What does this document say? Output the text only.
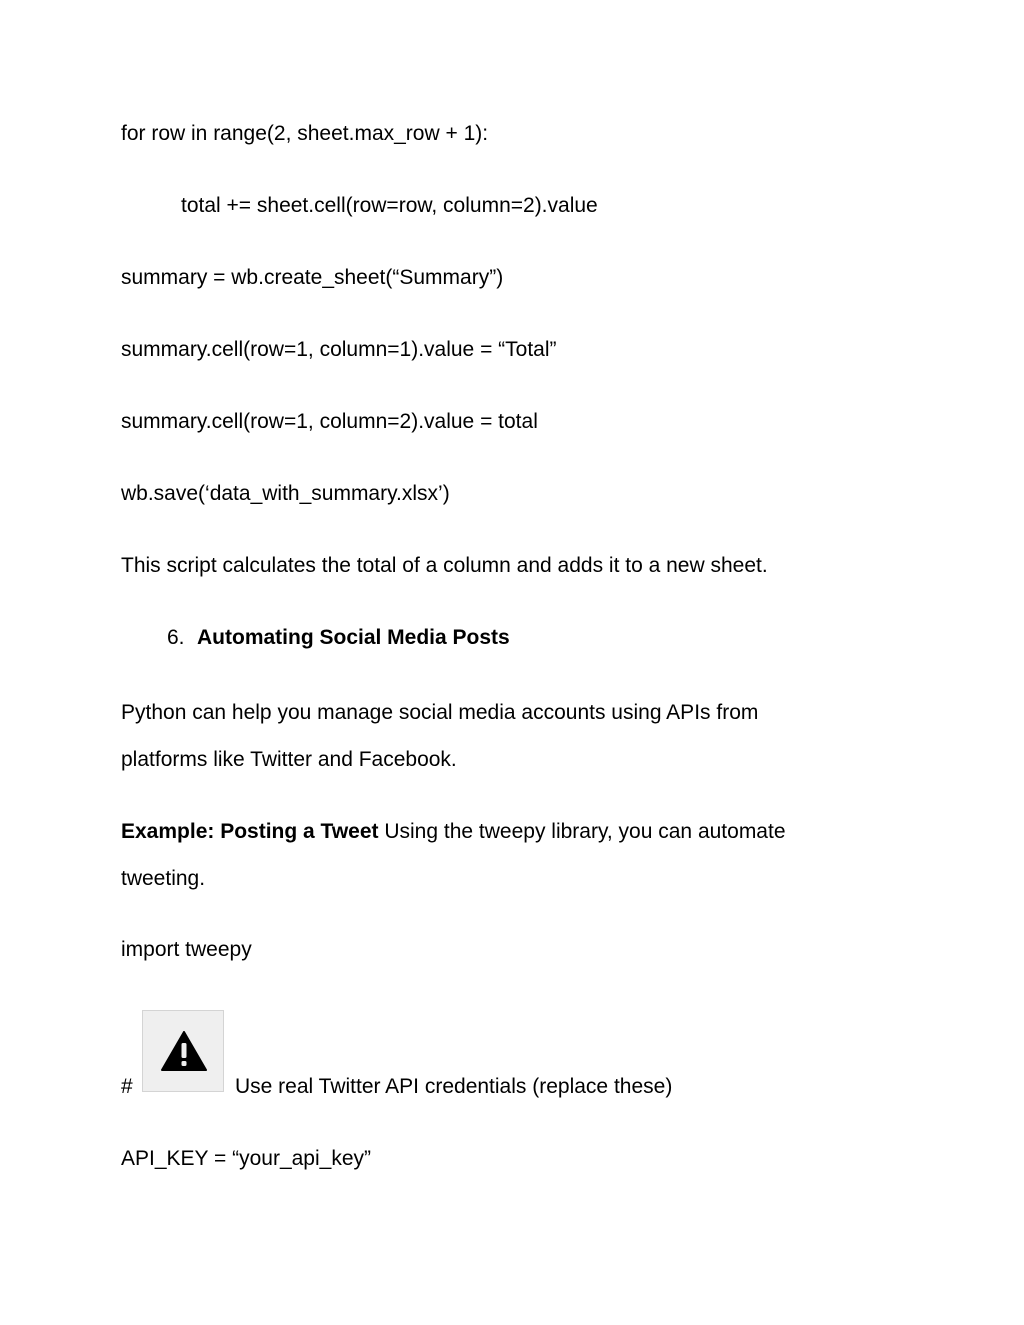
for row in range(2, sheet.max_row + 1):
total += sheet.cell(row=row, column=2).value
summary = wb.create_sheet(“Summary”)
summary.cell(row=1, column=1).value = “Total”
summary.cell(row=1, column=2).value = total
wb.save(‘data_with_summary.xlsx’)
This script calculates the total of a column and adds it to a new sheet.
6. Automating Social Media Posts
Python can help you manage social media accounts using APIs from
platforms like Twitter and Facebook.
Example: Posting a Tweet Using the tweepy library, you can automate
tweeting.
import tweepy
#	Use real Twitter API credentials (replace these)
API_KEY = “your_api_key”
